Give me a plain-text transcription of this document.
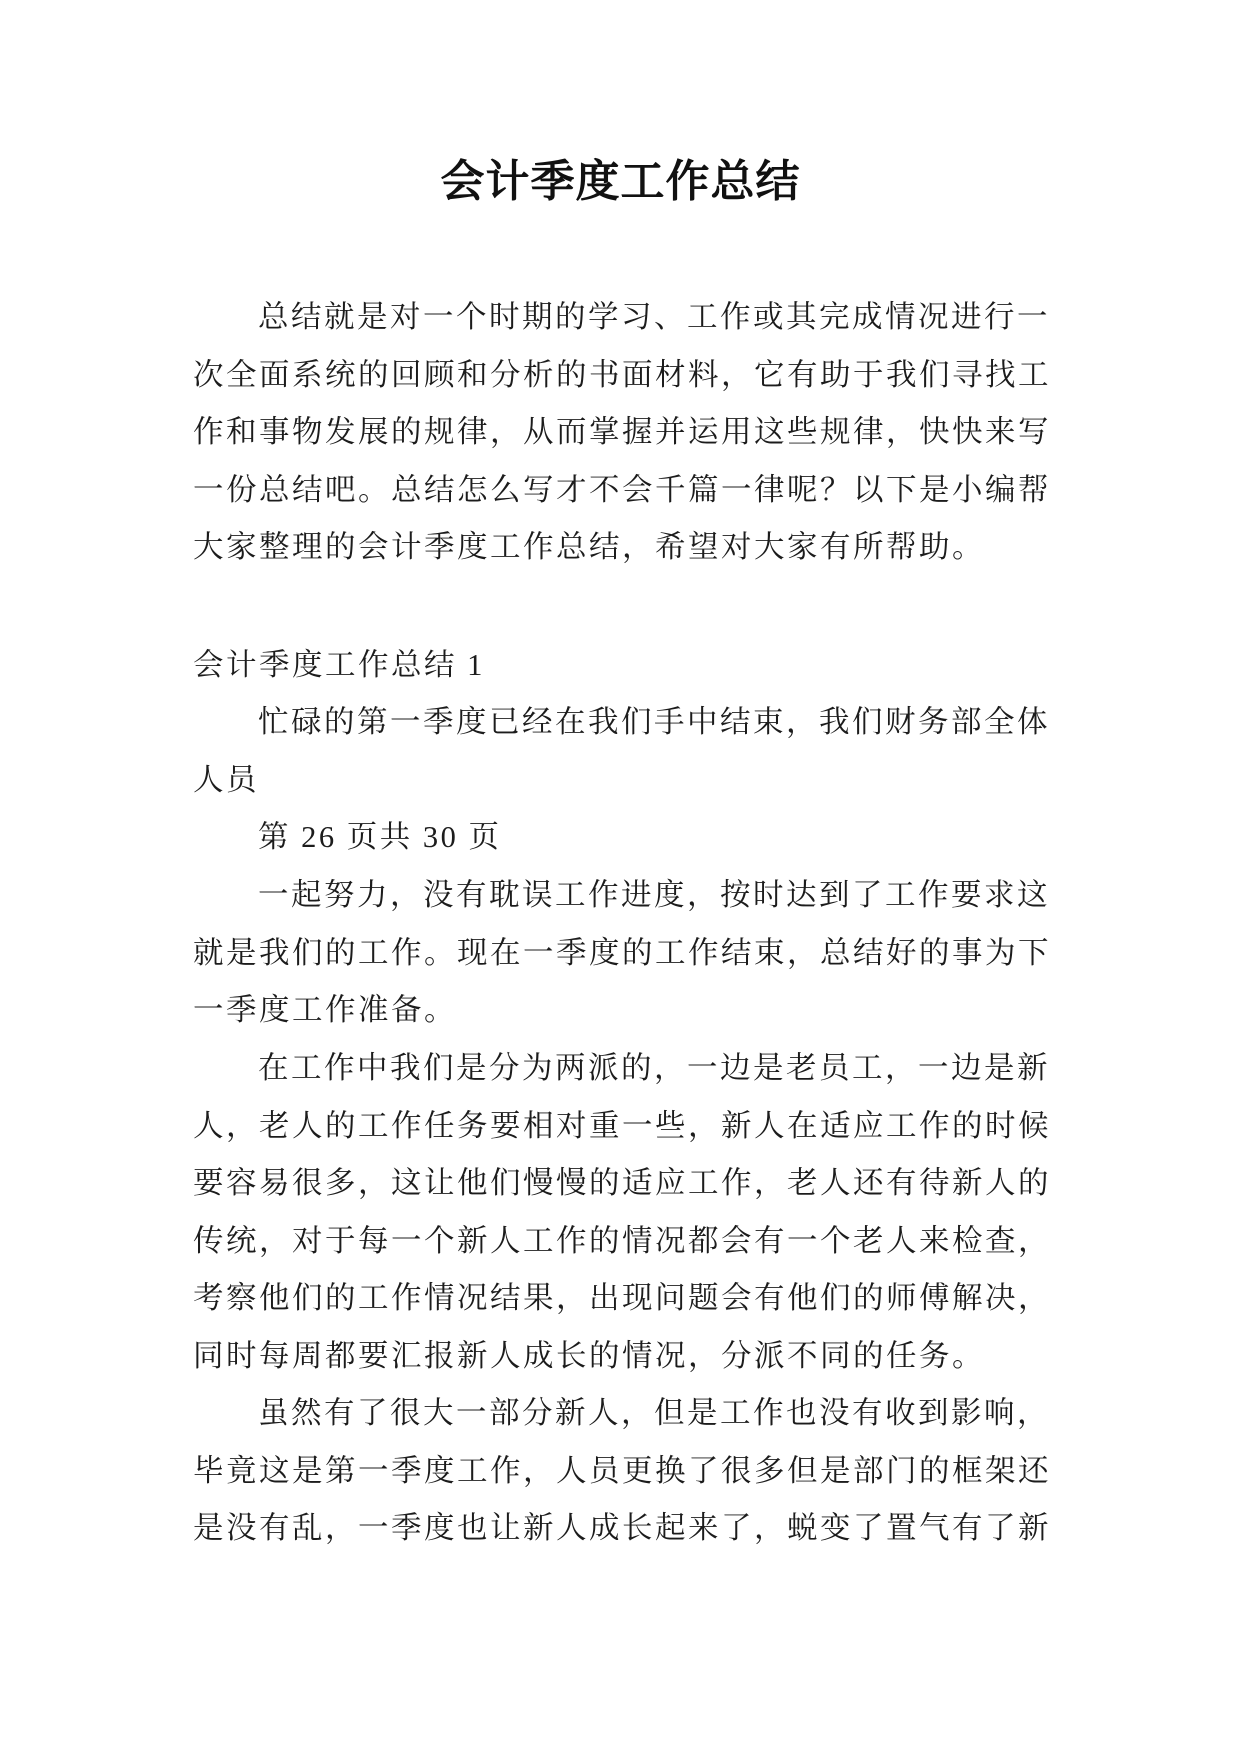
会计季度工作总结

总结就是对一个时期的学习、工作或其完成情况进行一次全面系统的回顾和分析的书面材料，它有助于我们寻找工作和事物发展的规律，从而掌握并运用这些规律，快快来写一份总结吧。总结怎么写才不会千篇一律呢？以下是小编帮大家整理的会计季度工作总结，希望对大家有所帮助。

会计季度工作总结 1

忙碌的第一季度已经在我们手中结束，我们财务部全体人员

第 26 页共 30 页

一起努力，没有耽误工作进度，按时达到了工作要求这就是我们的工作。现在一季度的工作结束，总结好的事为下一季度工作准备。

在工作中我们是分为两派的，一边是老员工，一边是新人，老人的工作任务要相对重一些，新人在适应工作的时候要容易很多，这让他们慢慢的适应工作，老人还有待新人的传统，对于每一个新人工作的情况都会有一个老人来检查，考察他们的工作情况结果，出现问题会有他们的师傅解决，同时每周都要汇报新人成长的情况，分派不同的任务。

虽然有了很大一部分新人，但是工作也没有收到影响，毕竟这是第一季度工作，人员更换了很多但是部门的框架还是没有乱，一季度也让新人成长起来了，蜕变了置气有了新
